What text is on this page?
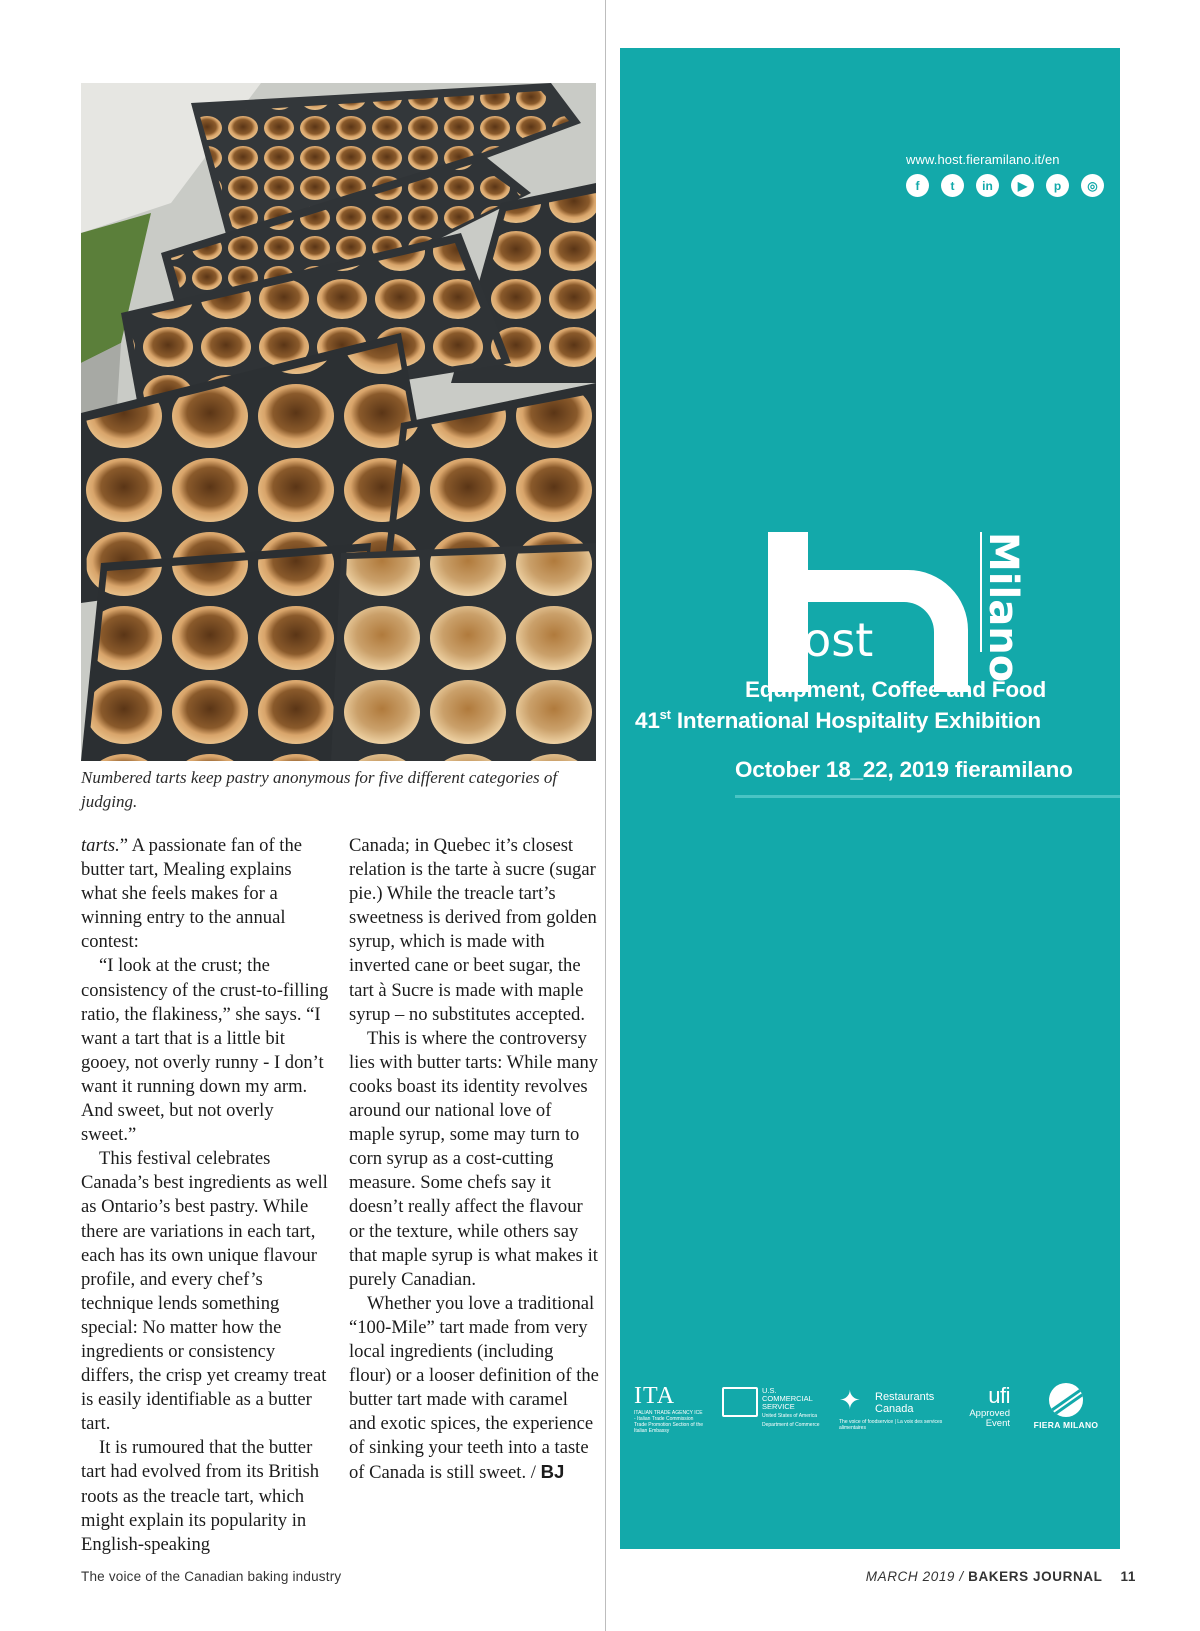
Numbered tarts keep pastry anonymous for five different categories of judging.

tarts.” A passionate fan of the butter tart, Mealing explains what she feels makes for a winning entry to the annual contest:

“I look at the crust; the consistency of the crust-to-filling ratio, the flakiness,” she says. “I want a tart that is a little bit gooey, not overly runny - I don’t want it running down my arm. And sweet, but not overly sweet.”

This festival celebrates Canada’s best ingredients as well as Ontario’s best pastry. While there are variations in each tart, each has its own unique flavour profile, and every chef’s technique lends something special: No matter how the ingredients or consistency differs, the crisp yet creamy treat is easily identifiable as a butter tart.

It is rumoured that the butter tart had evolved from its British roots as the treacle tart, which might explain its popularity in English-speaking

Canada; in Quebec it’s closest relation is the tarte à sucre (sugar pie.) While the treacle tart’s sweetness is derived from golden syrup, which is made with inverted cane or beet sugar, the tart à Sucre is made with maple syrup – no substitutes accepted.

This is where the controversy lies with butter tarts: While many cooks boast its identity revolves around our national love of maple syrup, some may turn to corn syrup as a cost-cutting measure. Some chefs say it doesn’t really affect the flavour or the texture, while others say that maple syrup is what makes it purely Canadian.

Whether you love a traditional “100-Mile” tart made from very local ingredients (including flour) or a looser definition of the butter tart made with caramel and exotic spices, the experience of sinking your teeth into a taste of Canada is still sweet. / BJ

The voice of the Canadian baking industry	MARCH 2019 / BAKERS JOURNAL 11
www.host.fieramilano.it/en
f	t	in	▶	p	◎
host	Milano
Equipment, Coffee and Food
41st International Hospitality Exhibition
October 18_22, 2019 fieramilano
ITA
ITALIAN TRADE AGENCY ICE - Italian Trade Commission Trade Promotion Section of the Italian Embassy
U.S. COMMERCIAL SERVICE
United States of America Department of Commerce
✦ Restaurants
Canada
The voice of foodservice | La voix des services alimentaires
ufi
Approved
Event	FIERA MILANO
